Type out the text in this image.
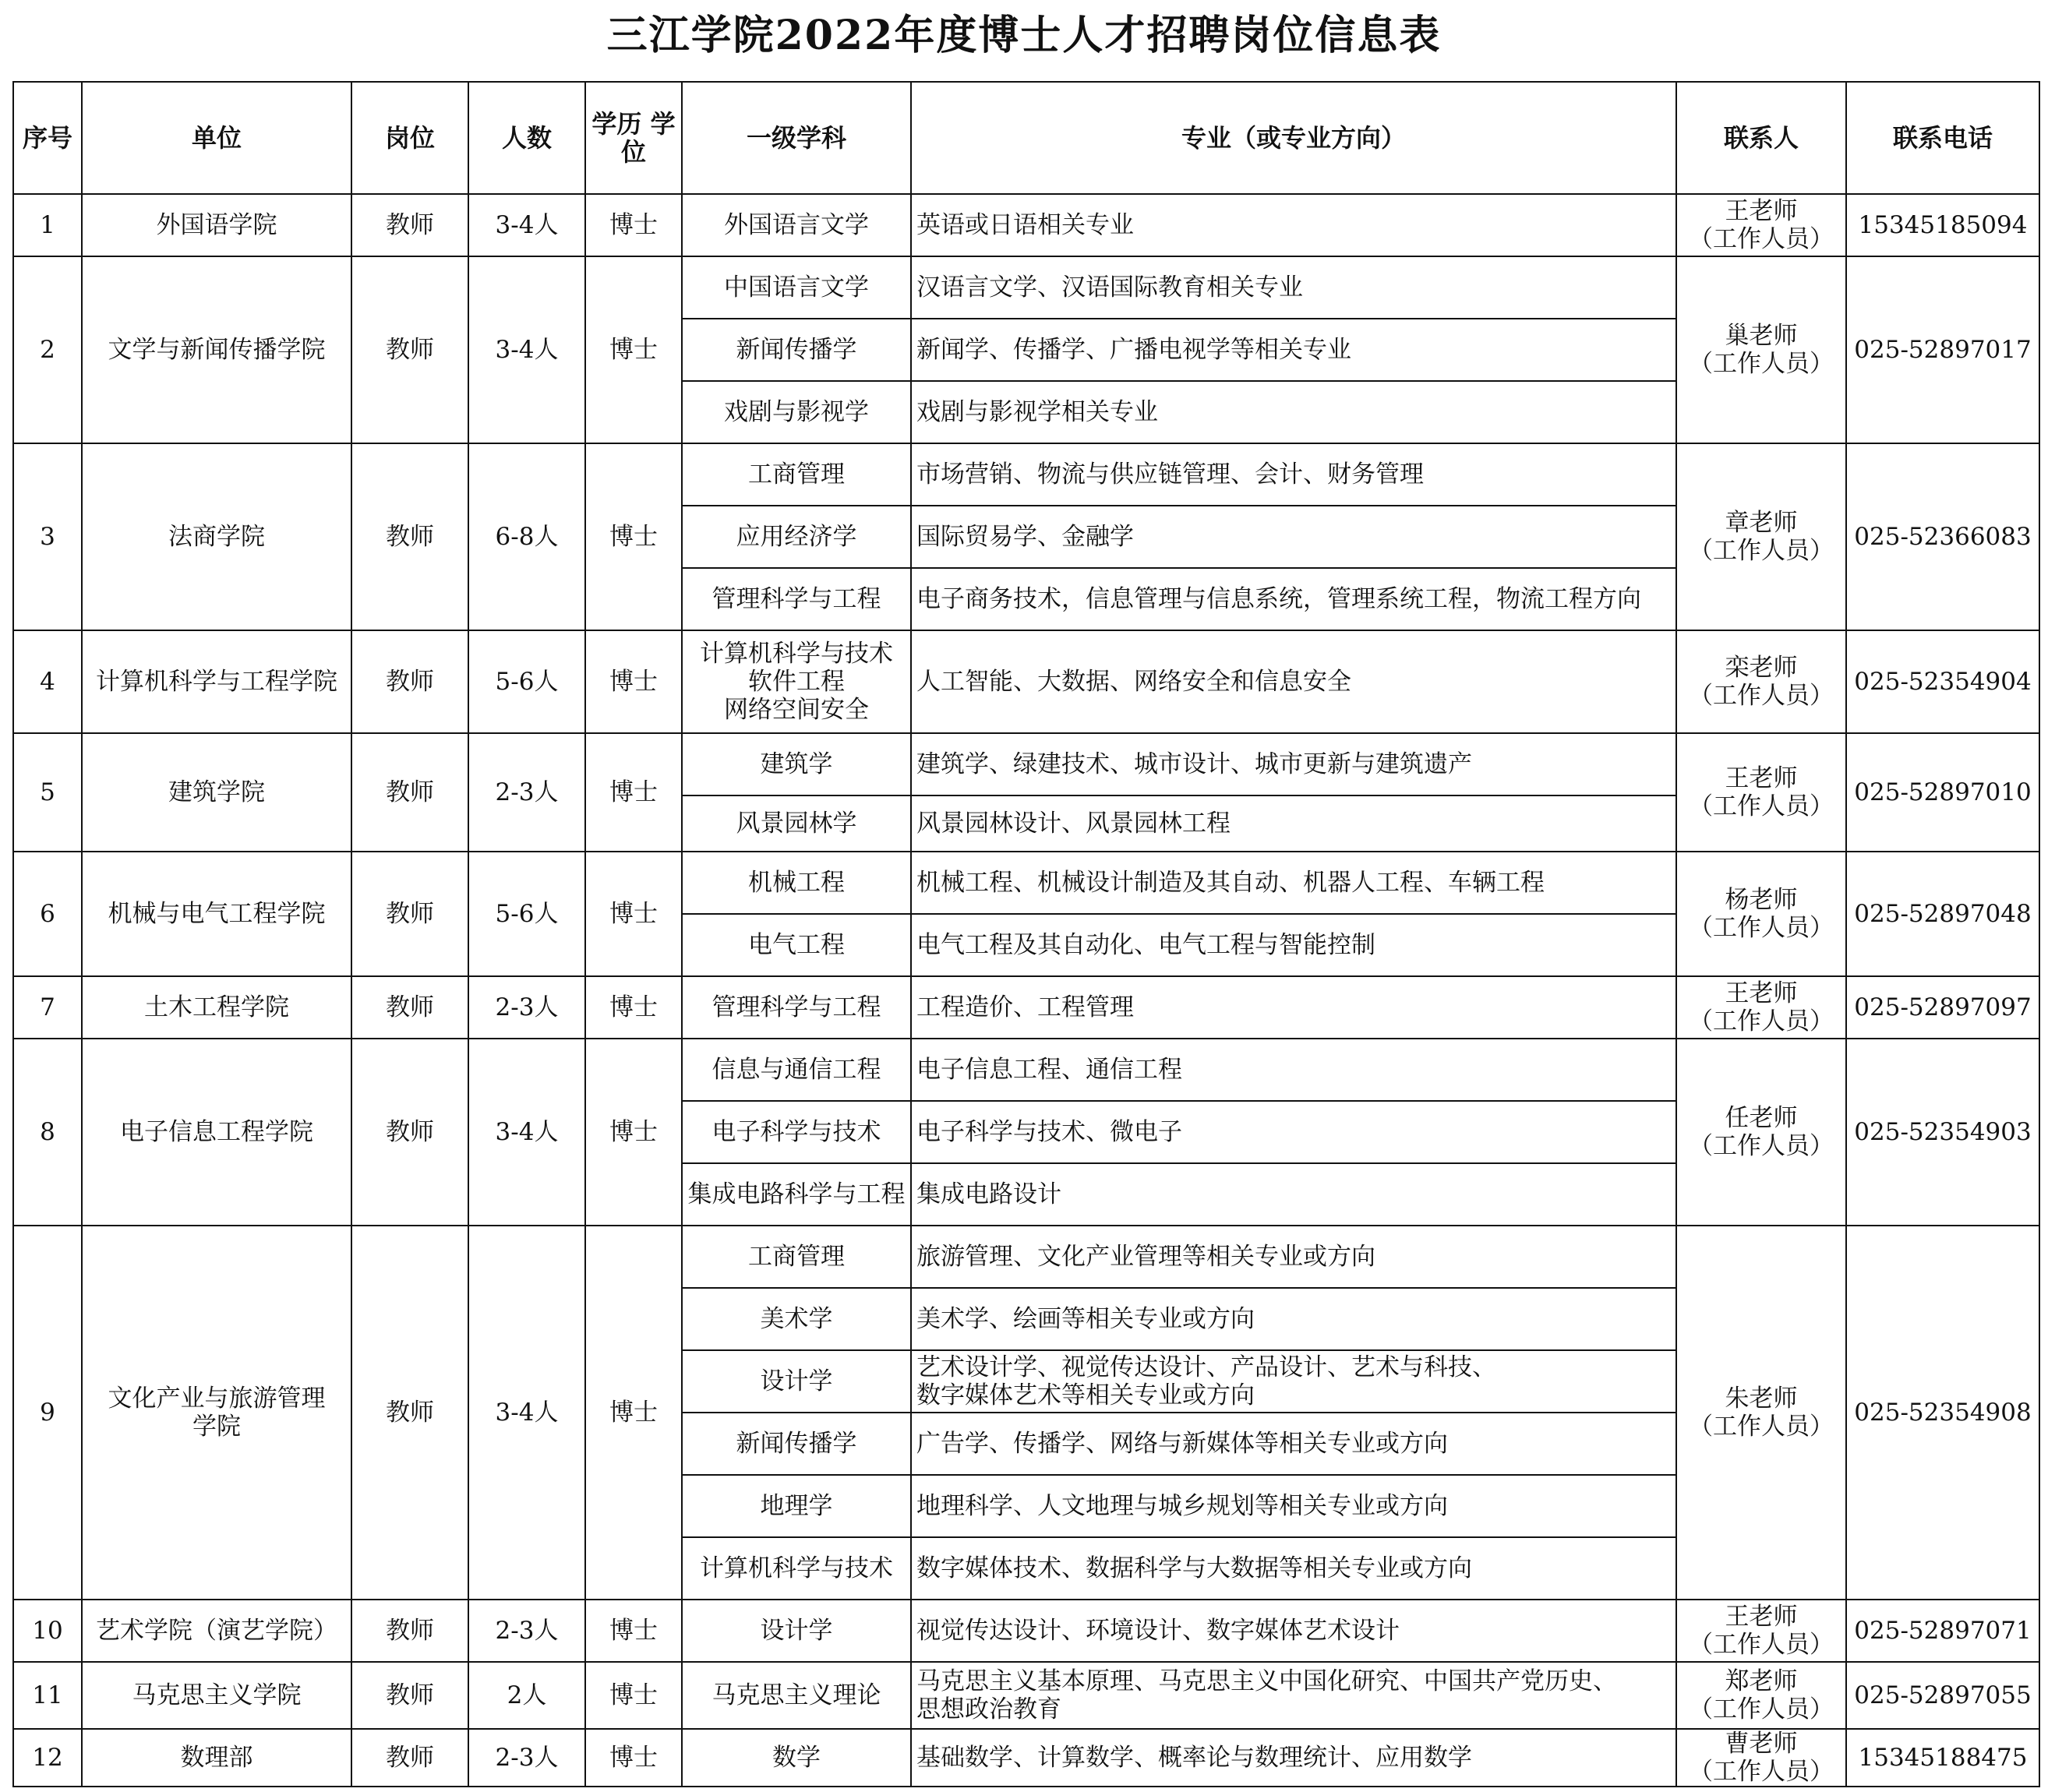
三江学院2022年度博士人才招聘岗位信息表
序号	单位	岗位	人数	学历 学位	一级学科	专业（或专业方向）	联系人	联系电话
1	外国语学院	教师	3-4人	博士	外国语言文学	英语或日语相关专业	王老师
（工作人员）	15345185094
2	文学与新闻传播学院	教师	3-4人	博士	中国语言文学	汉语言文学、汉语国际教育相关专业	巢老师
（工作人员）	025-52897017
					新闻传播学	新闻学、传播学、广播电视学等相关专业		
					戏剧与影视学	戏剧与影视学相关专业		
3	法商学院	教师	6-8人	博士	工商管理	市场营销、物流与供应链管理、会计、财务管理	章老师
（工作人员）	025-52366083
					应用经济学	国际贸易学、金融学		
					管理科学与工程	电子商务技术，信息管理与信息系统，管理系统工程，物流工程方向		
4	计算机科学与工程学院	教师	5-6人	博士	计算机科学与技术
软件工程
网络空间安全	人工智能、大数据、网络安全和信息安全	栾老师
（工作人员）	025-52354904
5	建筑学院	教师	2-3人	博士	建筑学	建筑学、绿建技术、城市设计、城市更新与建筑遗产	王老师
（工作人员）	025-52897010
					风景园林学	风景园林设计、风景园林工程		
6	机械与电气工程学院	教师	5-6人	博士	机械工程	机械工程、机械设计制造及其自动、机器人工程、车辆工程	杨老师
（工作人员）	025-52897048
					电气工程	电气工程及其自动化、电气工程与智能控制		
7	土木工程学院	教师	2-3人	博士	管理科学与工程	工程造价、工程管理	王老师
（工作人员）	025-52897097
8	电子信息工程学院	教师	3-4人	博士	信息与通信工程	电子信息工程、通信工程	任老师
（工作人员）	025-52354903
					电子科学与技术	电子科学与技术、微电子		
					集成电路科学与工程	集成电路设计		
9	文化产业与旅游管理
学院	教师	3-4人	博士	工商管理	旅游管理、文化产业管理等相关专业或方向	朱老师
（工作人员）	025-52354908
					美术学	美术学、绘画等相关专业或方向		
					设计学	艺术设计学、视觉传达设计、产品设计、艺术与科技、
数字媒体艺术等相关专业或方向		
					新闻传播学	广告学、传播学、网络与新媒体等相关专业或方向		
					地理学	地理科学、人文地理与城乡规划等相关专业或方向		
					计算机科学与技术	数字媒体技术、数据科学与大数据等相关专业或方向		
10	艺术学院（演艺学院）	教师	2-3人	博士	设计学	视觉传达设计、环境设计、数字媒体艺术设计	王老师
（工作人员）	025-52897071
11	马克思主义学院	教师	2人	博士	马克思主义理论	马克思主义基本原理、马克思主义中国化研究、中国共产党历史、
思想政治教育	郑老师
（工作人员）	025-52897055
12	数理部	教师	2-3人	博士	数学	基础数学、计算数学、概率论与数理统计、应用数学	曹老师
（工作人员）	15345188475
